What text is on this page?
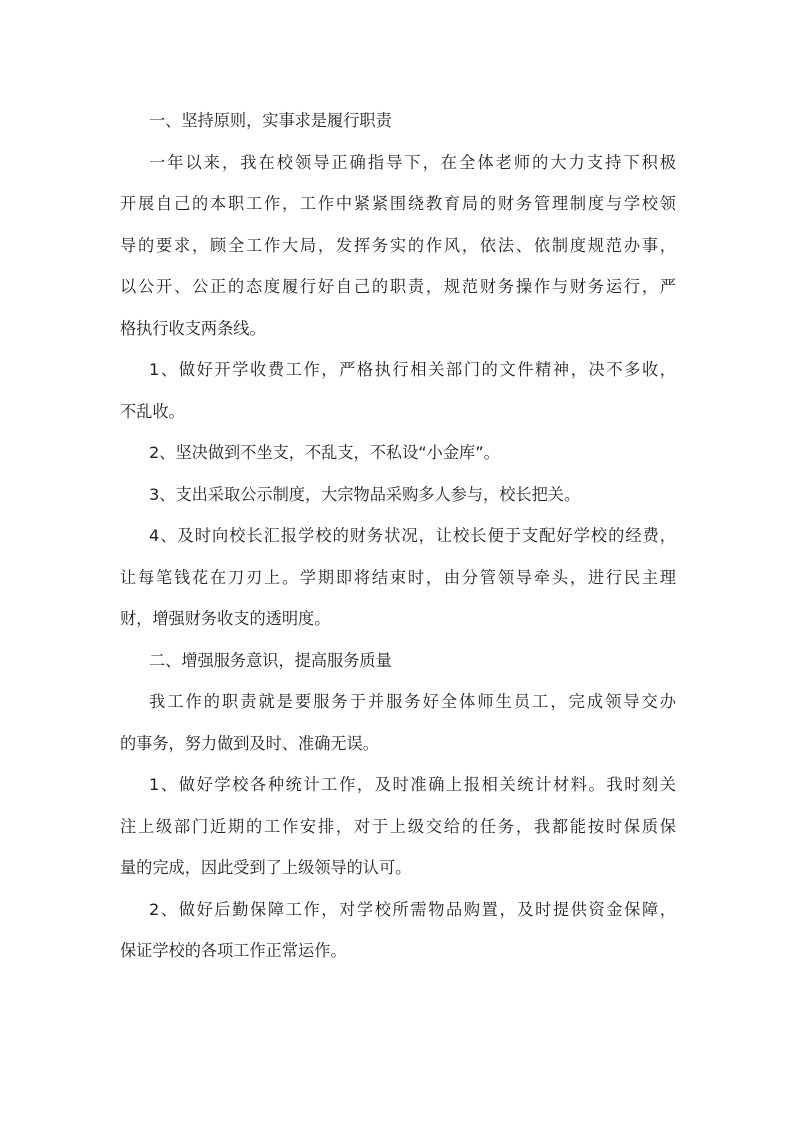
一、坚持原则，实事求是履行职责
一年以来，我在校领导正确指导下，在全体老师的大力支持下积极
开展自己的本职工作，工作中紧紧围绕教育局的财务管理制度与学校领
导的要求，顾全工作大局，发挥务实的作风，依法、依制度规范办事，
以公开、公正的态度履行好自己的职责，规范财务操作与财务运行，严
格执行收支两条线。
1、做好开学收费工作，严格执行相关部门的文件精神，决不多收，
不乱收。
2、坚决做到不坐支，不乱支，不私设“小金库”。
3、支出采取公示制度，大宗物品采购多人参与，校长把关。
4、及时向校长汇报学校的财务状况，让校长便于支配好学校的经费，
让每笔钱花在刀刃上。学期即将结束时，由分管领导牵头，进行民主理
财，增强财务收支的透明度。
二、增强服务意识，提高服务质量
我工作的职责就是要服务于并服务好全体师生员工，完成领导交办
的事务，努力做到及时、准确无误。
1、做好学校各种统计工作，及时准确上报相关统计材料。我时刻关
注上级部门近期的工作安排，对于上级交给的任务，我都能按时保质保
量的完成，因此受到了上级领导的认可。
2、做好后勤保障工作，对学校所需物品购置，及时提供资金保障，
保证学校的各项工作正常运作。
